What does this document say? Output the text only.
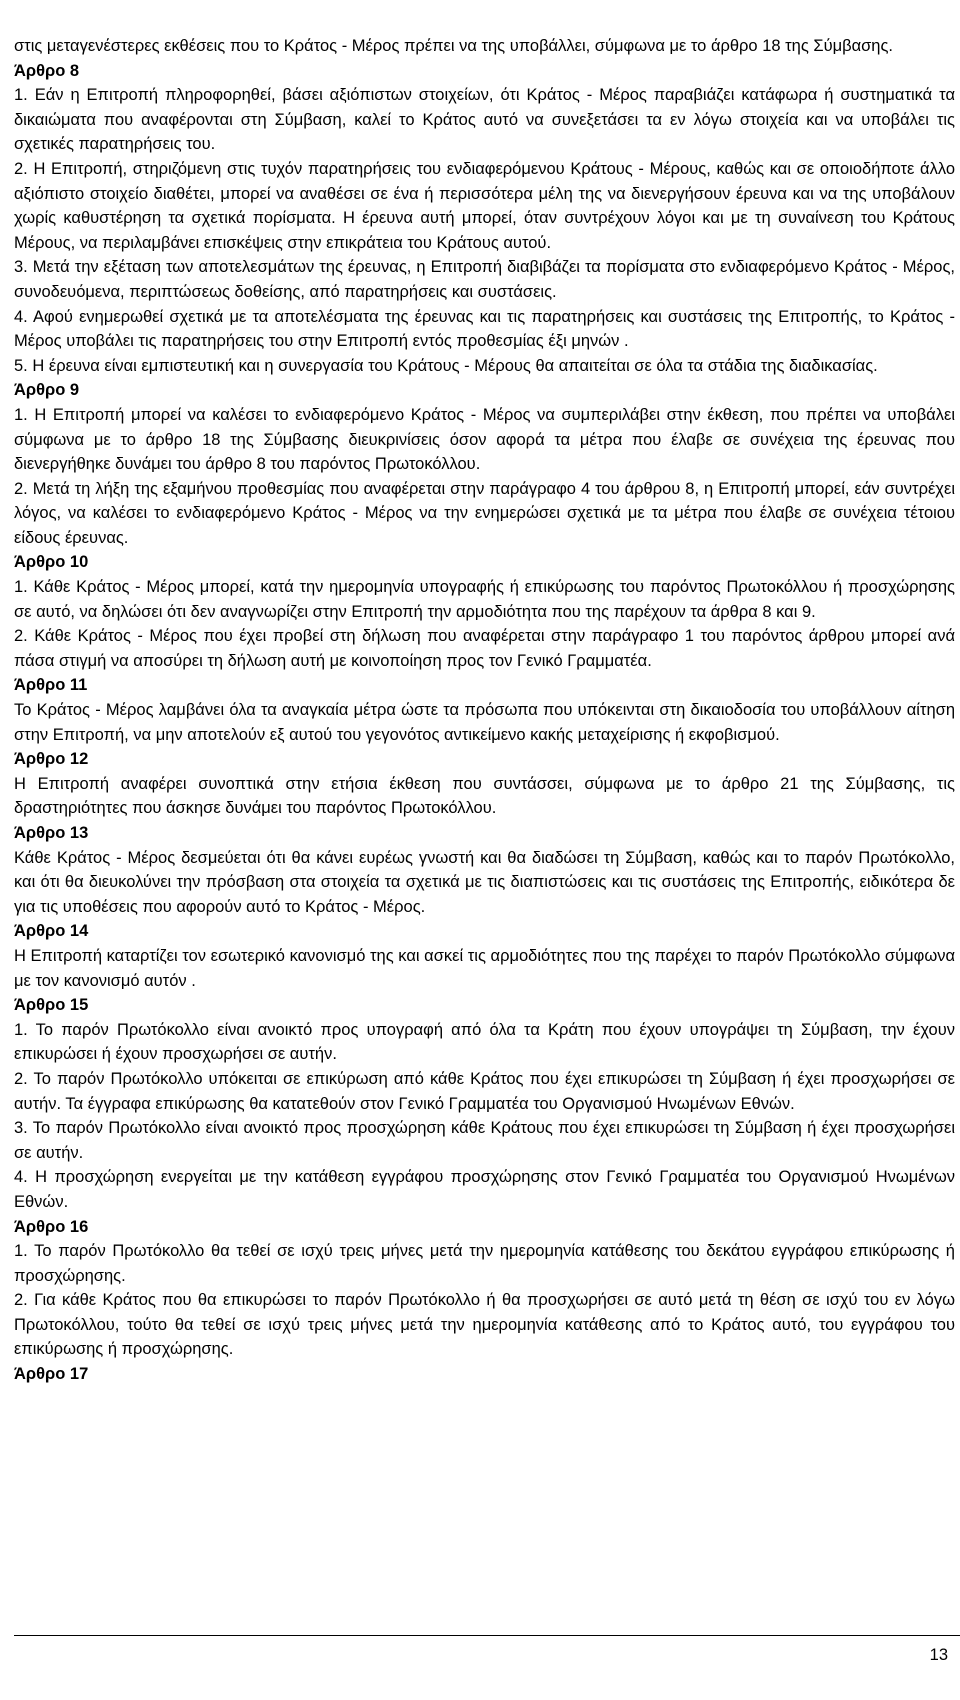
στις μεταγενέστερες εκθέσεις που το Κράτος - Μέρος πρέπει να της υποβάλλει, σύμφωνα με το άρθρο 18 της Σύμβασης.

Άρθρο 8

1. Εάν η Επιτροπή πληροφορηθεί, βάσει αξιόπιστων στοιχείων, ότι Κράτος - Μέρος παραβιάζει κατάφωρα ή συστηματικά τα δικαιώματα που αναφέρονται στη Σύμβαση, καλεί το Κράτος αυτό να συνεξετάσει τα εν λόγω στοιχεία και να υποβάλει τις σχετικές παρατηρήσεις του.

2. Η Επιτροπή, στηριζόμενη στις τυχόν παρατηρήσεις του ενδιαφερόμενου Κράτους - Μέρους, καθώς και σε οποιοδήποτε άλλο αξιόπιστο στοιχείο διαθέτει, μπορεί να αναθέσει σε ένα ή περισσότερα μέλη της να διενεργήσουν έρευνα και να της υποβάλουν χωρίς καθυστέρηση τα σχετικά πορίσματα. Η έρευνα αυτή μπορεί, όταν συντρέχουν λόγοι και με τη συναίνεση του Κράτους Μέρους, να περιλαμβάνει επισκέψεις στην επικράτεια του Κράτους αυτού.

3. Μετά την εξέταση των αποτελεσμάτων της έρευνας, η Επιτροπή διαβιβάζει τα πορίσματα στο ενδιαφερόμενο Κράτος - Μέρος, συνοδευόμενα, περιπτώσεως δοθείσης, από παρατηρήσεις και συστάσεις.

4. Αφού ενημερωθεί σχετικά με τα αποτελέσματα της έρευνας και τις παρατηρήσεις και συστάσεις της Επιτροπής, το Κράτος - Μέρος υποβάλει τις παρατηρήσεις του στην Επιτροπή εντός προθεσμίας έξι μηνών .

5. Η έρευνα είναι εμπιστευτική και η συνεργασία του Κράτους - Μέρους θα απαιτείται σε όλα τα στάδια της διαδικασίας.

Άρθρο 9

1. Η Επιτροπή μπορεί να καλέσει το ενδιαφερόμενο Κράτος - Μέρος να συμπεριλάβει στην έκθεση, που πρέπει να υποβάλει σύμφωνα με το άρθρο 18 της Σύμβασης διευκρινίσεις όσον αφορά τα μέτρα που έλαβε σε συνέχεια της έρευνας που διενεργήθηκε δυνάμει του άρθρο 8 του παρόντος Πρωτοκόλλου.

2. Μετά τη λήξη της εξαμήνου προθεσμίας που αναφέρεται στην παράγραφο 4 του άρθρου 8, η Επιτροπή μπορεί, εάν συντρέχει λόγος, να καλέσει το ενδιαφερόμενο Κράτος - Μέρος να την ενημερώσει σχετικά με τα μέτρα που έλαβε σε συνέχεια τέτοιου είδους έρευνας.

Άρθρο 10

1. Κάθε Κράτος - Μέρος μπορεί, κατά την ημερομηνία υπογραφής ή επικύρωσης του παρόντος Πρωτοκόλλου ή προσχώρησης σε αυτό, να δηλώσει ότι δεν αναγνωρίζει στην Επιτροπή την αρμοδιότητα που της παρέχουν τα άρθρα 8 και 9.

2. Κάθε Κράτος - Μέρος που έχει προβεί στη δήλωση που αναφέρεται στην παράγραφο 1 του παρόντος άρθρου μπορεί ανά πάσα στιγμή να αποσύρει τη δήλωση αυτή με κοινοποίηση προς τον Γενικό Γραμματέα.

Άρθρο 11

Το Κράτος - Μέρος λαμβάνει όλα τα αναγκαία μέτρα ώστε τα πρόσωπα που υπόκεινται στη δικαιοδοσία του υποβάλλουν αίτηση στην Επιτροπή, να μην αποτελούν εξ αυτού του γεγονότος αντικείμενο κακής μεταχείρισης ή εκφοβισμού.

Άρθρο 12

Η Επιτροπή αναφέρει συνοπτικά στην ετήσια έκθεση που συντάσσει, σύμφωνα με το άρθρο 21 της Σύμβασης, τις δραστηριότητες που άσκησε δυνάμει του παρόντος Πρωτοκόλλου.

Άρθρο 13

Κάθε Κράτος - Μέρος δεσμεύεται ότι θα κάνει ευρέως γνωστή και θα διαδώσει τη Σύμβαση, καθώς και το παρόν Πρωτόκολλο, και ότι θα διευκολύνει την πρόσβαση στα στοιχεία τα σχετικά με τις διαπιστώσεις και τις συστάσεις της Επιτροπής, ειδικότερα δε για τις υποθέσεις που αφορούν αυτό το Κράτος - Μέρος.

Άρθρο 14

Η Επιτροπή καταρτίζει τον εσωτερικό κανονισμό της και ασκεί τις αρμοδιότητες που της παρέχει το παρόν Πρωτόκολλο σύμφωνα με τον κανονισμό αυτόν .

Άρθρο 15

1. Το παρόν Πρωτόκολλο είναι ανοικτό προς υπογραφή από όλα τα Κράτη που έχουν υπογράψει τη Σύμβαση, την έχουν επικυρώσει ή έχουν προσχωρήσει σε αυτήν.

2. Το παρόν Πρωτόκολλο υπόκειται σε επικύρωση από κάθε Κράτος που έχει επικυρώσει τη Σύμβαση ή έχει προσχωρήσει σε αυτήν. Τα έγγραφα επικύρωσης θα κατατεθούν στον Γενικό Γραμματέα του Οργανισμού Ηνωμένων Εθνών.

3. Το παρόν Πρωτόκολλο είναι ανοικτό προς προσχώρηση κάθε Κράτους που έχει επικυρώσει τη Σύμβαση ή έχει προσχωρήσει σε αυτήν.

4. Η προσχώρηση ενεργείται με την κατάθεση εγγράφου προσχώρησης στον Γενικό Γραμματέα του Οργανισμού Ηνωμένων Εθνών.

Άρθρο 16

1. Το παρόν Πρωτόκολλο θα τεθεί σε ισχύ τρεις μήνες μετά την ημερομηνία κατάθεσης του δεκάτου εγγράφου επικύρωσης ή προσχώρησης.

2. Για κάθε Κράτος που θα επικυρώσει το παρόν Πρωτόκολλο ή θα προσχωρήσει σε αυτό μετά τη θέση σε ισχύ του εν λόγω Πρωτοκόλλου, τούτο θα τεθεί σε ισχύ τρεις μήνες μετά την ημερομηνία κατάθεσης από το Κράτος αυτό, του εγγράφου του επικύρωσης ή προσχώρησης.

Άρθρο 17
13
